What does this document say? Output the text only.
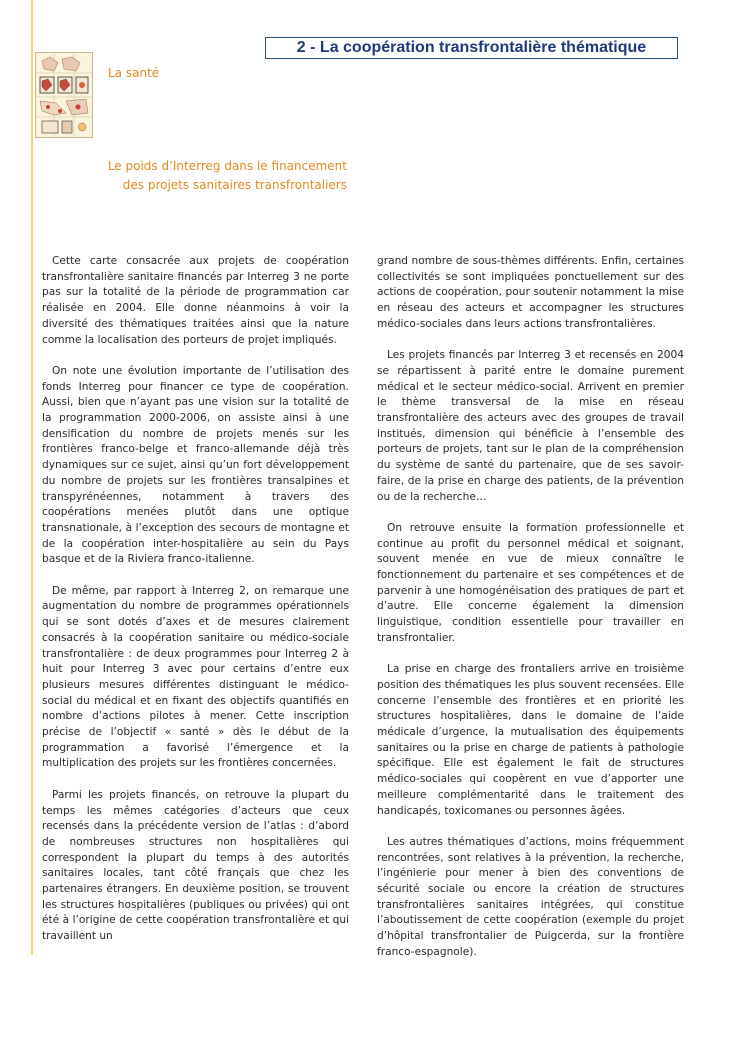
2 - La coopération transfrontalière thématique
La santé
Le poids d’Interreg dans le financement
des projets sanitaires transfrontaliers

Cette carte consacrée aux projets de coopération transfrontalière sanitaire financés par Interreg 3 ne porte pas sur la totalité de la période de programmation car réalisée en 2004. Elle donne néanmoins à voir la diversité des thématiques traitées ainsi que la nature comme la localisation des porteurs de projet impliqués.

On note une évolution importante de l’utilisation des fonds Interreg pour financer ce type de coopération. Aussi, bien que n’ayant pas une vision sur la totalité de la programmation 2000-2006, on assiste ainsi à une densification du nombre de projets menés sur les frontières franco-belge et franco-allemande déjà très dynamiques sur ce sujet, ainsi qu’un fort développement du nombre de projets sur les frontières transalpines et transpyrénéennes, notamment à travers des coopérations menées plutôt dans une optique transnationale, à l’exception des secours de montagne et de la coopération inter-hospitalière au sein du Pays basque et de la Riviera franco-italienne.

De même, par rapport à Interreg 2, on remarque une augmentation du nombre de programmes opérationnels qui se sont dotés d’axes et de mesures clairement consacrés à la coopération sanitaire ou médico-sociale transfrontalière : de deux programmes pour Interreg 2 à huit pour Interreg 3 avec pour certains d’entre eux plusieurs mesures différentes distinguant le médico-social du médical et en fixant des objectifs quantifiés en nombre d’actions pilotes à mener. Cette inscription précise de l’objectif « santé » dès le début de la programmation a favorisé l’émergence et la multiplication des projets sur les frontières concernées.

Parmi les projets financés, on retrouve la plupart du temps les mêmes catégories d’acteurs que ceux recensés dans la précédente version de l’atlas : d’abord de nombreuses structures non hospitalières qui correspondent la plupart du temps à des autorités sanitaires locales, tant côté français que chez les partenaires étrangers. En deuxième position, se trouvent les structures hospitalières (publiques ou privées) qui ont été à l’origine de cette coopération transfrontalière et qui travaillent un

grand nombre de sous-thèmes différents. Enfin, certaines collectivités se sont impliquées ponctuellement sur des actions de coopération, pour soutenir notamment la mise en réseau des acteurs et accompagner les structures médico-sociales dans leurs actions transfrontalières.

Les projets financés par Interreg 3 et recensés en 2004 se répartissent à parité entre le domaine purement médical et le secteur médico-social. Arrivent en premier le thème transversal de la mise en réseau transfrontalière des acteurs avec des groupes de travail institués, dimension qui bénéficie à l’ensemble des porteurs de projets, tant sur le plan de la compréhension du système de santé du partenaire, que de ses savoir-faire, de la prise en charge des patients, de la prévention ou de la recherche…

On retrouve ensuite la formation professionnelle et continue au profit du personnel médical et soignant, souvent menée en vue de mieux connaître le fonctionnement du partenaire et ses compétences et de parvenir à une homogénéisation des pratiques de part et d’autre. Elle concerne également la dimension linguistique, condition essentielle pour travailler en transfrontalier.

La prise en charge des frontaliers arrive en troisième position des thématiques les plus souvent recensées. Elle concerne l’ensemble des frontières et en priorité les structures hospitalières, dans le domaine de l’aide médicale d’urgence, la mutualisation des équipements sanitaires ou la prise en charge de patients à pathologie spécifique. Elle est également le fait de structures médico-sociales qui coopèrent en vue d’apporter une meilleure complémentarité dans le traitement des handicapés, toxicomanes ou personnes âgées.

Les autres thématiques d’actions, moins fréquemment rencontrées, sont relatives à la prévention, la recherche, l’ingénierie pour mener à bien des conventions de sécurité sociale ou encore la création de structures transfrontalières sanitaires intégrées, qui constitue l’aboutissement de cette coopération (exemple du projet d’hôpital transfrontalier de Puigcerda, sur la frontière franco-espagnole).
